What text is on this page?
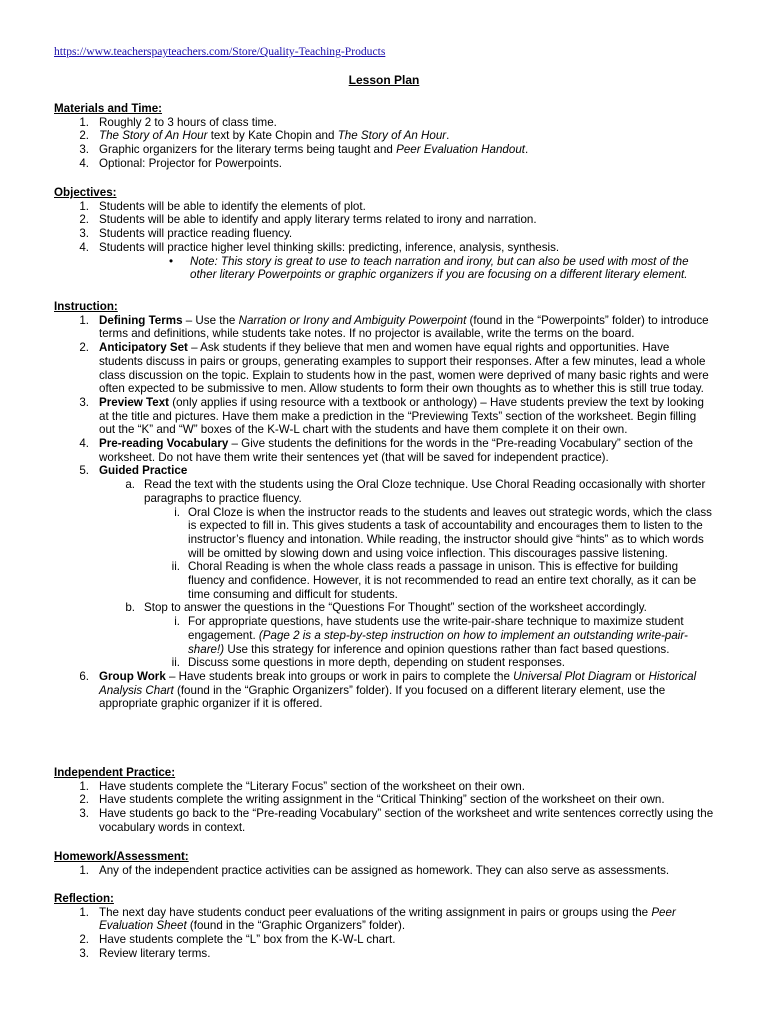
https://www.teacherspayteachers.com/Store/Quality-Teaching-Products
Lesson Plan
Materials and Time:
1. Roughly 2 to 3 hours of class time.
2. The Story of An Hour text by Kate Chopin and The Story of An Hour.
3. Graphic organizers for the literary terms being taught and Peer Evaluation Handout.
4. Optional: Projector for Powerpoints.
Objectives:
1. Students will be able to identify the elements of plot.
2. Students will be able to identify and apply literary terms related to irony and narration.
3. Students will practice reading fluency.
4. Students will practice higher level thinking skills: predicting, inference, analysis, synthesis.
• Note: This story is great to use to teach narration and irony, but can also be used with most of the other literary Powerpoints or graphic organizers if you are focusing on a different literary element.
Instruction:
1. Defining Terms – Use the Narration or Irony and Ambiguity Powerpoint (found in the “Powerpoints” folder) to introduce terms and definitions, while students take notes. If no projector is available, write the terms on the board.
2. Anticipatory Set – Ask students if they believe that men and women have equal rights and opportunities. Have students discuss in pairs or groups, generating examples to support their responses. After a few minutes, lead a whole class discussion on the topic. Explain to students how in the past, women were deprived of many basic rights and were often expected to be submissive to men. Allow students to form their own thoughts as to whether this is still true today.
3. Preview Text (only applies if using resource with a textbook or anthology) – Have students preview the text by looking at the title and pictures. Have them make a prediction in the “Previewing Texts” section of the worksheet. Begin filling out the “K” and “W” boxes of the K-W-L chart with the students and have them complete it on their own.
4. Pre-reading Vocabulary – Give students the definitions for the words in the “Pre-reading Vocabulary” section of the worksheet. Do not have them write their sentences yet (that will be saved for independent practice).
5. Guided Practice
a. Read the text with the students using the Oral Cloze technique. Use Choral Reading occasionally with shorter paragraphs to practice fluency.
i. Oral Cloze is when the instructor reads to the students and leaves out strategic words, which the class is expected to fill in. This gives students a task of accountability and encourages them to listen to the instructor’s fluency and intonation. While reading, the instructor should give “hints” as to which words will be omitted by slowing down and using voice inflection. This discourages passive listening.
ii. Choral Reading is when the whole class reads a passage in unison. This is effective for building fluency and confidence. However, it is not recommended to read an entire text chorally, as it can be time consuming and difficult for students.
b. Stop to answer the questions in the “Questions For Thought” section of the worksheet accordingly.
i. For appropriate questions, have students use the write-pair-share technique to maximize student engagement. (Page 2 is a step-by-step instruction on how to implement an outstanding write-pair-share!) Use this strategy for inference and opinion questions rather than fact based questions.
ii. Discuss some questions in more depth, depending on student responses.
6. Group Work – Have students break into groups or work in pairs to complete the Universal Plot Diagram or Historical Analysis Chart (found in the “Graphic Organizers” folder). If you focused on a different literary element, use the appropriate graphic organizer if it is offered.
Independent Practice:
1. Have students complete the “Literary Focus” section of the worksheet on their own.
2. Have students complete the writing assignment in the “Critical Thinking” section of the worksheet on their own.
3. Have students go back to the “Pre-reading Vocabulary” section of the worksheet and write sentences correctly using the vocabulary words in context.
Homework/Assessment:
1. Any of the independent practice activities can be assigned as homework. They can also serve as assessments.
Reflection:
1. The next day have students conduct peer evaluations of the writing assignment in pairs or groups using the Peer Evaluation Sheet (found in the “Graphic Organizers” folder).
2. Have students complete the “L” box from the K-W-L chart.
3. Review literary terms.
